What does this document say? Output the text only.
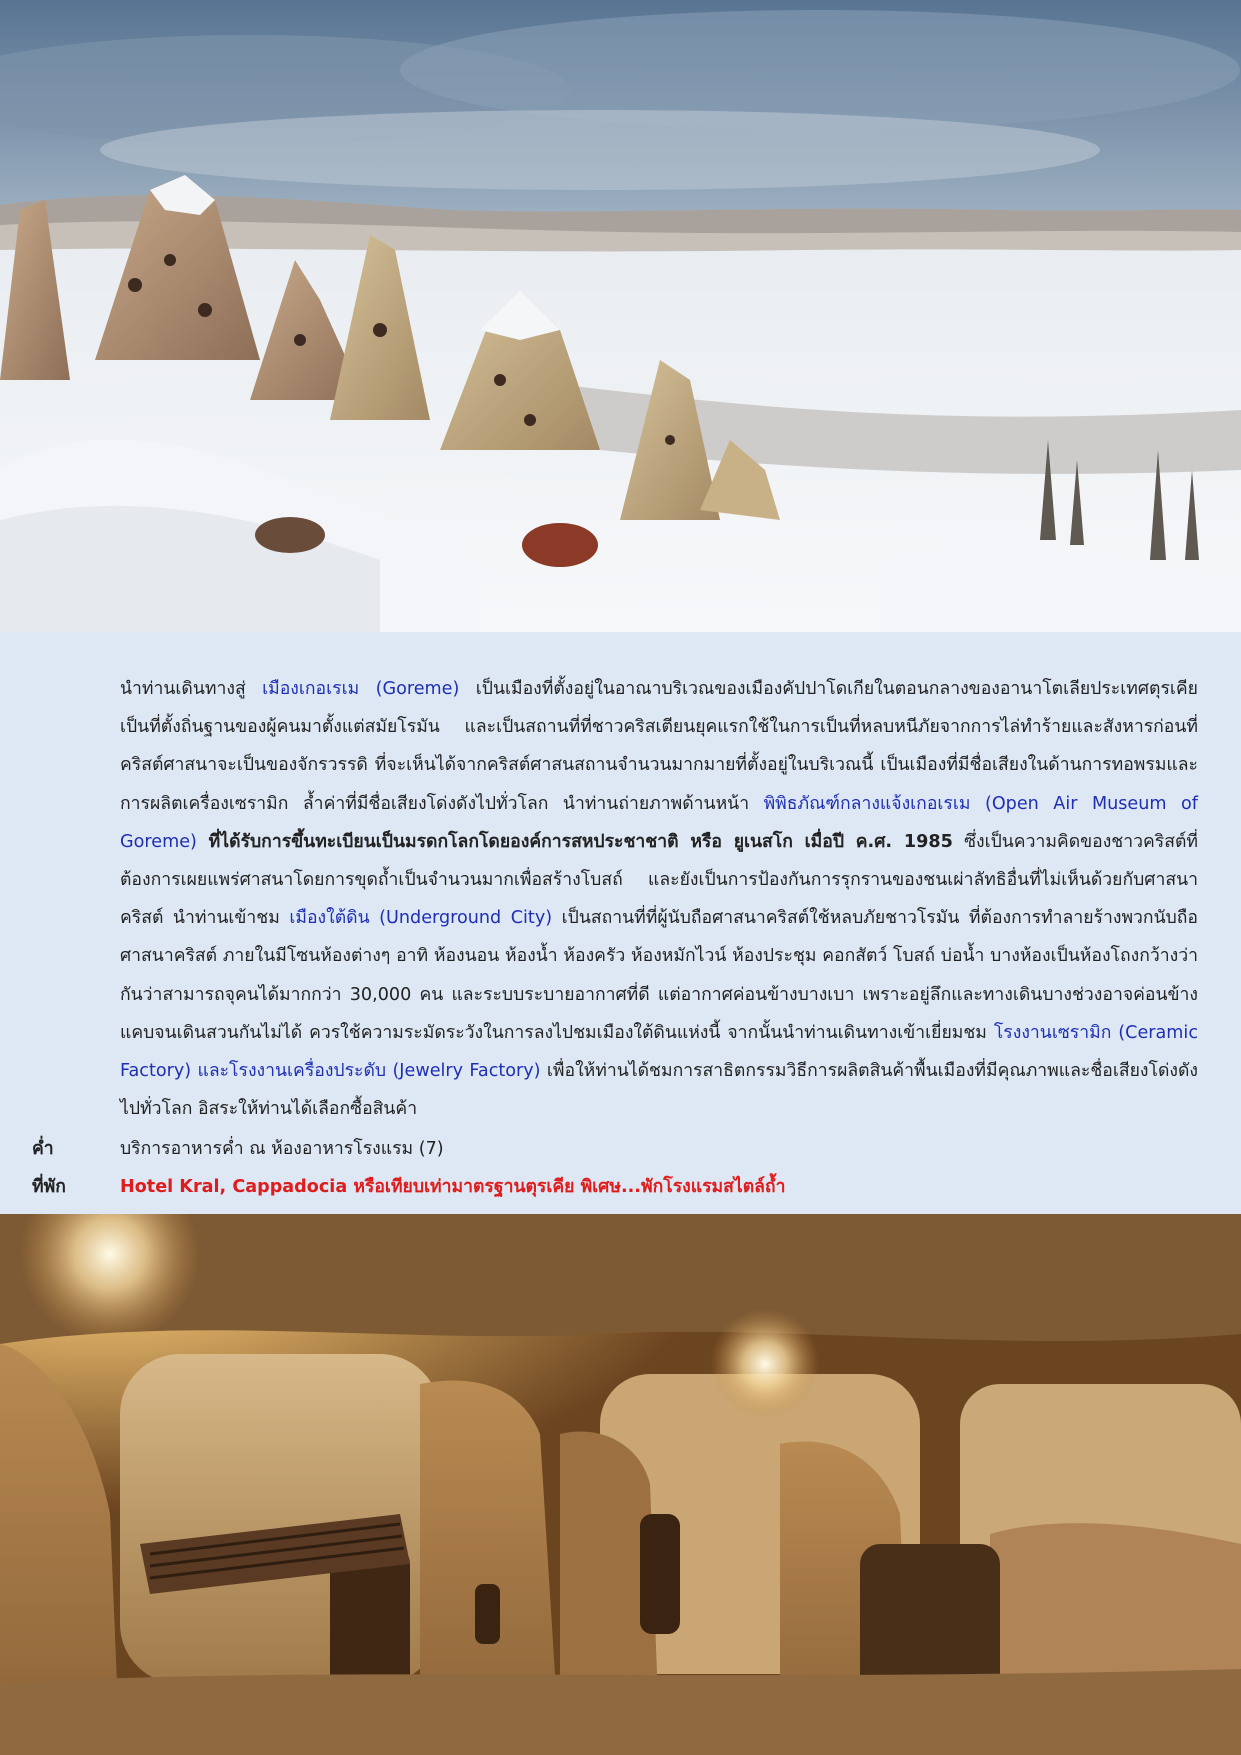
นำท่านเดินทางสู่ เมืองเกอเรเม (Goreme) เป็นเมืองที่ตั้งอยู่ในอาณาบริเวณของเมืองคัปปาโดเกียในตอนกลางของอานาโตเลียประเทศตุรเคีย เป็นที่ตั้งถิ่นฐานของผู้คนมาตั้งแต่สมัยโรมัน และเป็นสถานที่ที่ชาวคริสเตียนยุคแรกใช้ในการเป็นที่หลบหนีภัยจากการไล่ทำร้ายและสังหารก่อนที่คริสต์ศาสนาจะเป็นของจักรวรรดิ ที่จะเห็นได้จากคริสต์ศาสนสถานจำนวนมากมายที่ตั้งอยู่ในบริเวณนี้ เป็นเมืองที่มีชื่อเสียงในด้านการทอพรมและการผลิตเครื่องเซรามิก ล้ำค่าที่มีชื่อเสียงโด่งดังไปทั่วโลก นำท่านถ่ายภาพด้านหน้า พิพิธภัณฑ์กลางแจ้งเกอเรเม (Open Air Museum of Goreme) ที่ได้รับการขึ้นทะเบียนเป็นมรดกโลกโดยองค์การสหประชาชาติ หรือ ยูเนสโก เมื่อปี ค.ศ. 1985 ซึ่งเป็นความคิดของชาวคริสต์ที่ต้องการเผยแพร่ศาสนาโดยการขุดถ้ำเป็นจำนวนมากเพื่อสร้างโบสถ์ และยังเป็นการป้องกันการรุกรานของชนเผ่าลัทธิอื่นที่ไม่เห็นด้วยกับศาสนาคริสต์ นำท่านเข้าชม เมืองใต้ดิน (Underground City) เป็นสถานที่ที่ผู้นับถือศาสนาคริสต์ใช้หลบภัยชาวโรมัน ที่ต้องการทำลายร้างพวกนับถือศาสนาคริสต์ ภายในมีโซนห้องต่างๆ อาทิ ห้องนอน ห้องน้ำ ห้องครัว ห้องหมักไวน์ ห้องประชุม คอกสัตว์ โบสถ์ บ่อน้ำ บางห้องเป็นห้องโถงกว้างว่ากันว่าสามารถจุคนได้มากกว่า 30,000 คน และระบบระบายอากาศที่ดี แต่อากาศค่อนข้างบางเบา เพราะอยู่ลึกและทางเดินบางช่วงอาจค่อนข้างแคบจนเดินสวนกันไม่ได้ ควรใช้ความระมัดระวังในการลงไปชมเมืองใต้ดินแห่งนี้ จากนั้นนำท่านเดินทางเข้าเยี่ยมชม โรงงานเซรามิก (Ceramic Factory) และโรงงานเครื่องประดับ (Jewelry Factory) เพื่อให้ท่านได้ชมการสาธิตกรรมวิธีการผลิตสินค้าพื้นเมืองที่มีคุณภาพและชื่อเสียงโด่งดังไปทั่วโลก อิสระให้ท่านได้เลือกซื้อสินค้า

ค่ำ	บริการอาหารค่ำ ณ ห้องอาหารโรงแรม (7)
ที่พัก	Hotel Kral, Cappadocia หรือเทียบเท่ามาตรฐานตุรเคีย พิเศษ...พักโรงแรมสไตล์ถ้ำ
